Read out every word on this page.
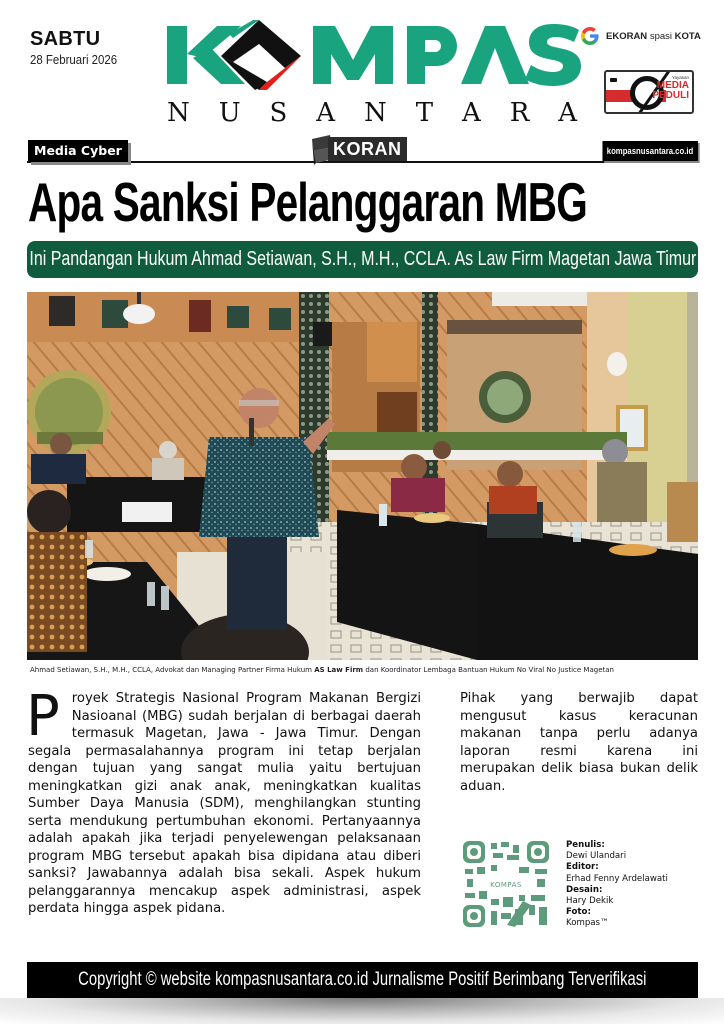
SABTU
28 Februari 2026
N U S A N T A R A
EKORAN spasi KOTA
Yayasan
MEDIA
PEDULI
Media Cyber	KORAN	kompasnusantara.co.id
Apa Sanksi Pelanggaran MBG
Ini Pandangan Hukum Ahmad Setiawan, S.H., M.H., CCLA. As Law Firm Magetan Jawa Timur
Ahmad Setiawan, S.H., M.H., CCLA, Advokat dan Managing Partner Firma Hukum AS Law Firm dan Koordinator Lembaga Bantuan Hukum No Viral No Justice Magetan
P royek Strategis Nasional Program Makanan Bergizi Nasioanal (MBG) sudah berjalan di berbagai daerah termasuk Magetan, Jawa - Jawa Timur. Dengan segala permasalahannya program ini tetap berjalan dengan tujuan yang sangat mulia yaitu bertujuan meningkatkan gizi anak anak, meningkatkan kualitas Sumber Daya Manusia (SDM), menghilangkan stunting serta mendukung pertumbuhan ekonomi. Pertanyaannya adalah apakah jika terjadi penyelewengan pelaksanaan program MBG tersebut apakah bisa dipidana atau diberi sanksi? Jawabannya adalah bisa sekali. Aspek hukum pelanggarannya mencakup aspek administrasi, aspek perdata hingga aspek pidana.
Pihak yang berwajib dapat mengusut kasus keracunan makanan tanpa perlu adanya laporan resmi karena ini merupakan delik biasa bukan delik aduan.
KOMPAS
Penulis:
Dewi Ulandari
Editor:
Erhad Fenny Ardelawati
Desain:
Hary Dekik
Foto:
Kompas™
Copyright © website kompasnusantara.co.id Jurnalisme Positif Berimbang Terverifikasi
